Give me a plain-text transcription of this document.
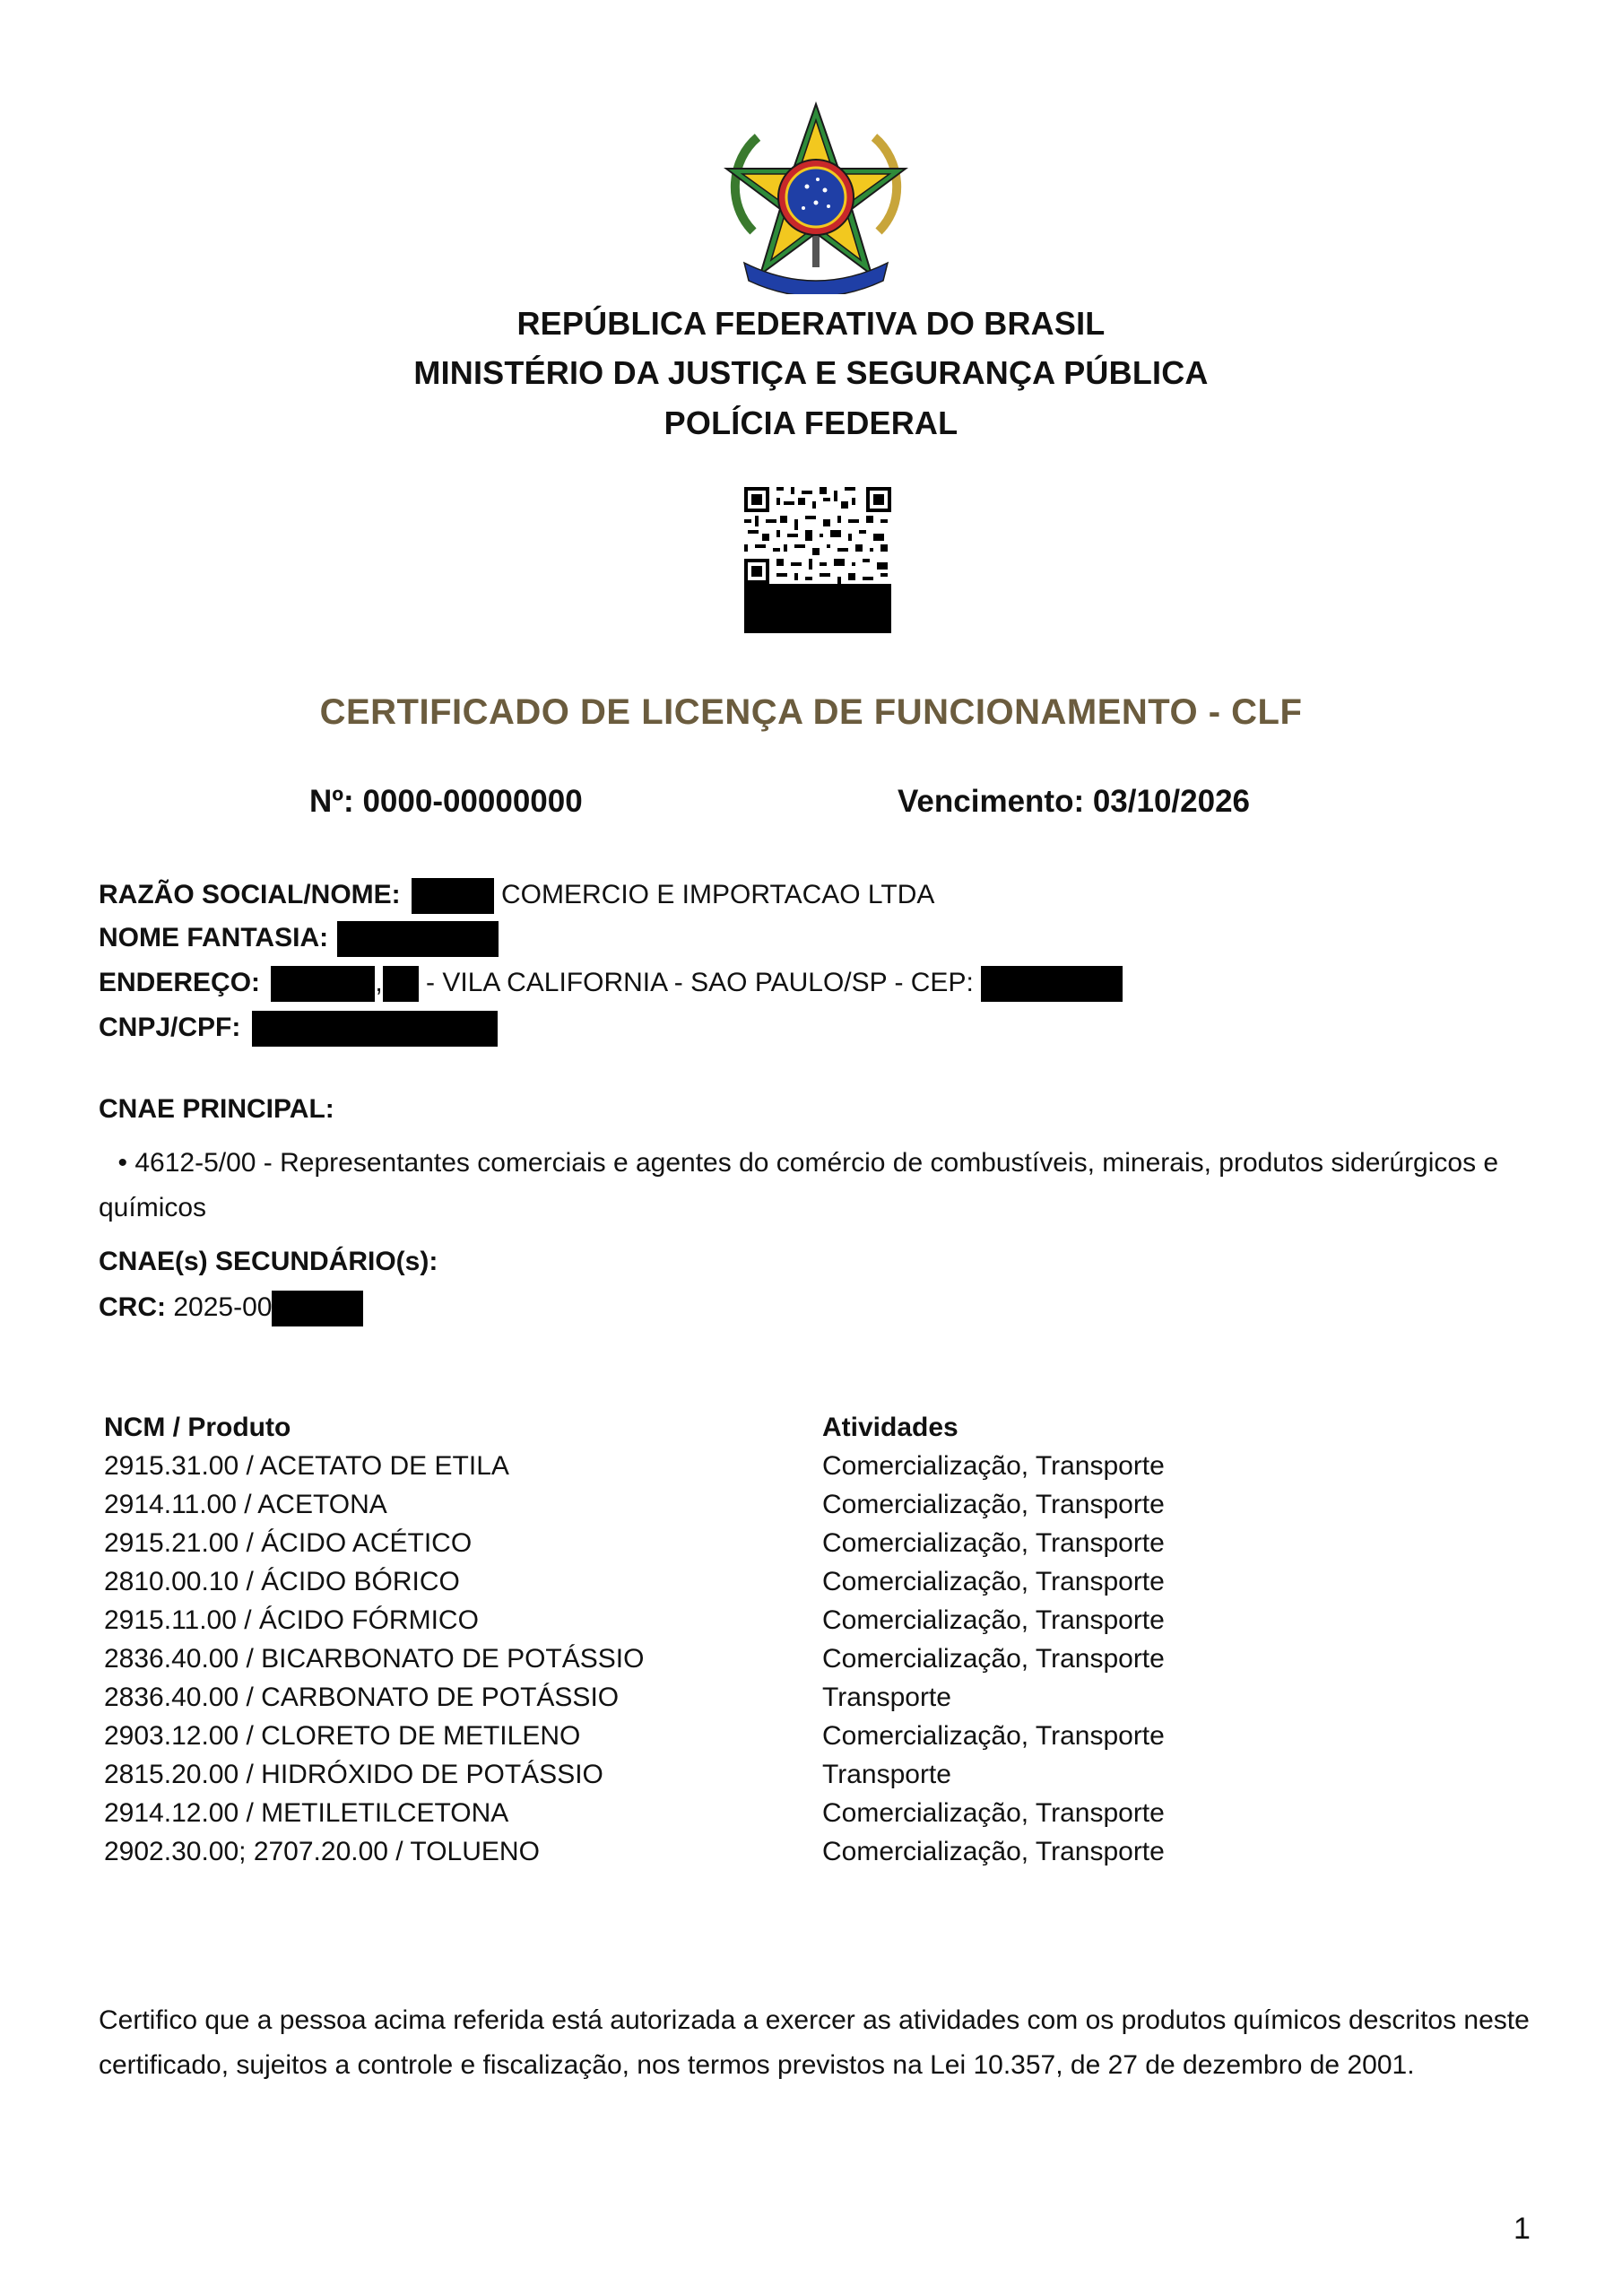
REPÚBLICA FEDERATIVA DO BRASIL
MINISTÉRIO DA JUSTIÇA E SEGURANÇA PÚBLICA
POLÍCIA FEDERAL
CERTIFICADO DE LICENÇA DE FUNCIONAMENTO - CLF
Nº: 0000-00000000	Vencimento: 03/10/2026
RAZÃO SOCIAL/NOME:	COMERCIO E IMPORTACAO LTDA
NOME FANTASIA:
ENDEREÇO:	, - VILA CALIFORNIA - SAO PAULO/SP - CEP:
CNPJ/CPF:
CNAE PRINCIPAL:
• 4612-5/00 - Representantes comerciais e agentes do comércio de combustíveis, minerais, produtos siderúrgicos e químicos
CNAE(s) SECUNDÁRIO(s):
CRC: 2025-00
NCM / Produto	Atividades
2915.31.00 / ACETATO DE ETILA	Comercialização, Transporte
2914.11.00 / ACETONA	Comercialização, Transporte
2915.21.00 / ÁCIDO ACÉTICO	Comercialização, Transporte
2810.00.10 / ÁCIDO BÓRICO	Comercialização, Transporte
2915.11.00 / ÁCIDO FÓRMICO	Comercialização, Transporte
2836.40.00 / BICARBONATO DE POTÁSSIO	Comercialização, Transporte
2836.40.00 / CARBONATO DE POTÁSSIO	Transporte
2903.12.00 / CLORETO DE METILENO	Comercialização, Transporte
2815.20.00 / HIDRÓXIDO DE POTÁSSIO	Transporte
2914.12.00 / METILETILCETONA	Comercialização, Transporte
2902.30.00; 2707.20.00 / TOLUENO	Comercialização, Transporte
Certifico que a pessoa acima referida está autorizada a exercer as atividades com os produtos químicos descritos neste certificado, sujeitos a controle e fiscalização, nos termos previstos na Lei 10.357, de 27 de dezembro de 2001.
1
